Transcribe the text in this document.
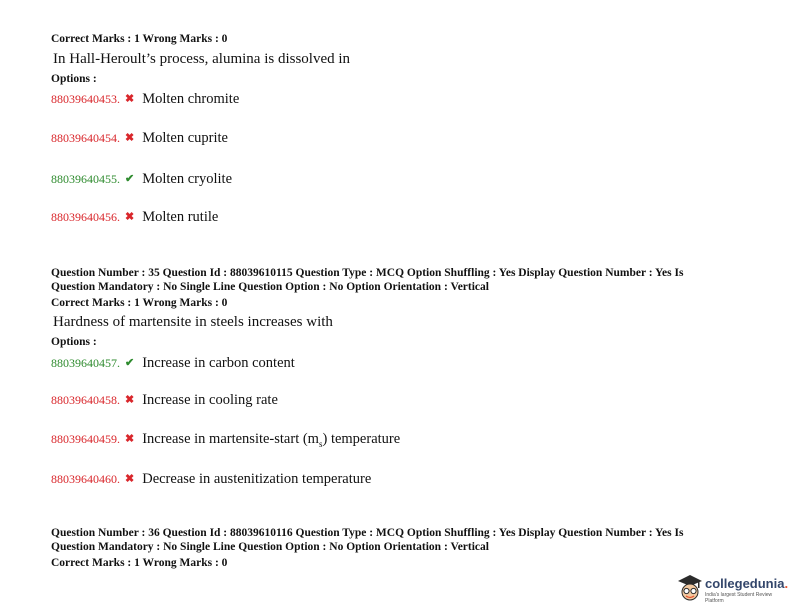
Correct Marks : 1 Wrong Marks : 0
In Hall-Heroult’s process, alumina is dissolved in
Options :
88039640453. ✖ Molten chromite
88039640454. ✖ Molten cuprite
88039640455. ✔ Molten cryolite
88039640456. ✖ Molten rutile
Question Number : 35 Question Id : 88039610115 Question Type : MCQ Option Shuffling : Yes Display Question Number : Yes Is
Question Mandatory : No Single Line Question Option : No Option Orientation : Vertical
Correct Marks : 1 Wrong Marks : 0
Hardness of martensite in steels increases with
Options :
88039640457. ✔ Increase in carbon content
88039640458. ✖ Increase in cooling rate
88039640459. ✖ Increase in martensite-start $(m_s)$ temperature
88039640460. ✖ Decrease in austenitization temperature
Question Number : 36 Question Id : 88039610116 Question Type : MCQ Option Shuffling : Yes Display Question Number : Yes Is
Question Mandatory : No Single Line Question Option : No Option Orientation : Vertical
Correct Marks : 1 Wrong Marks : 0
collegedunia.
India's largest Student Review Platform
